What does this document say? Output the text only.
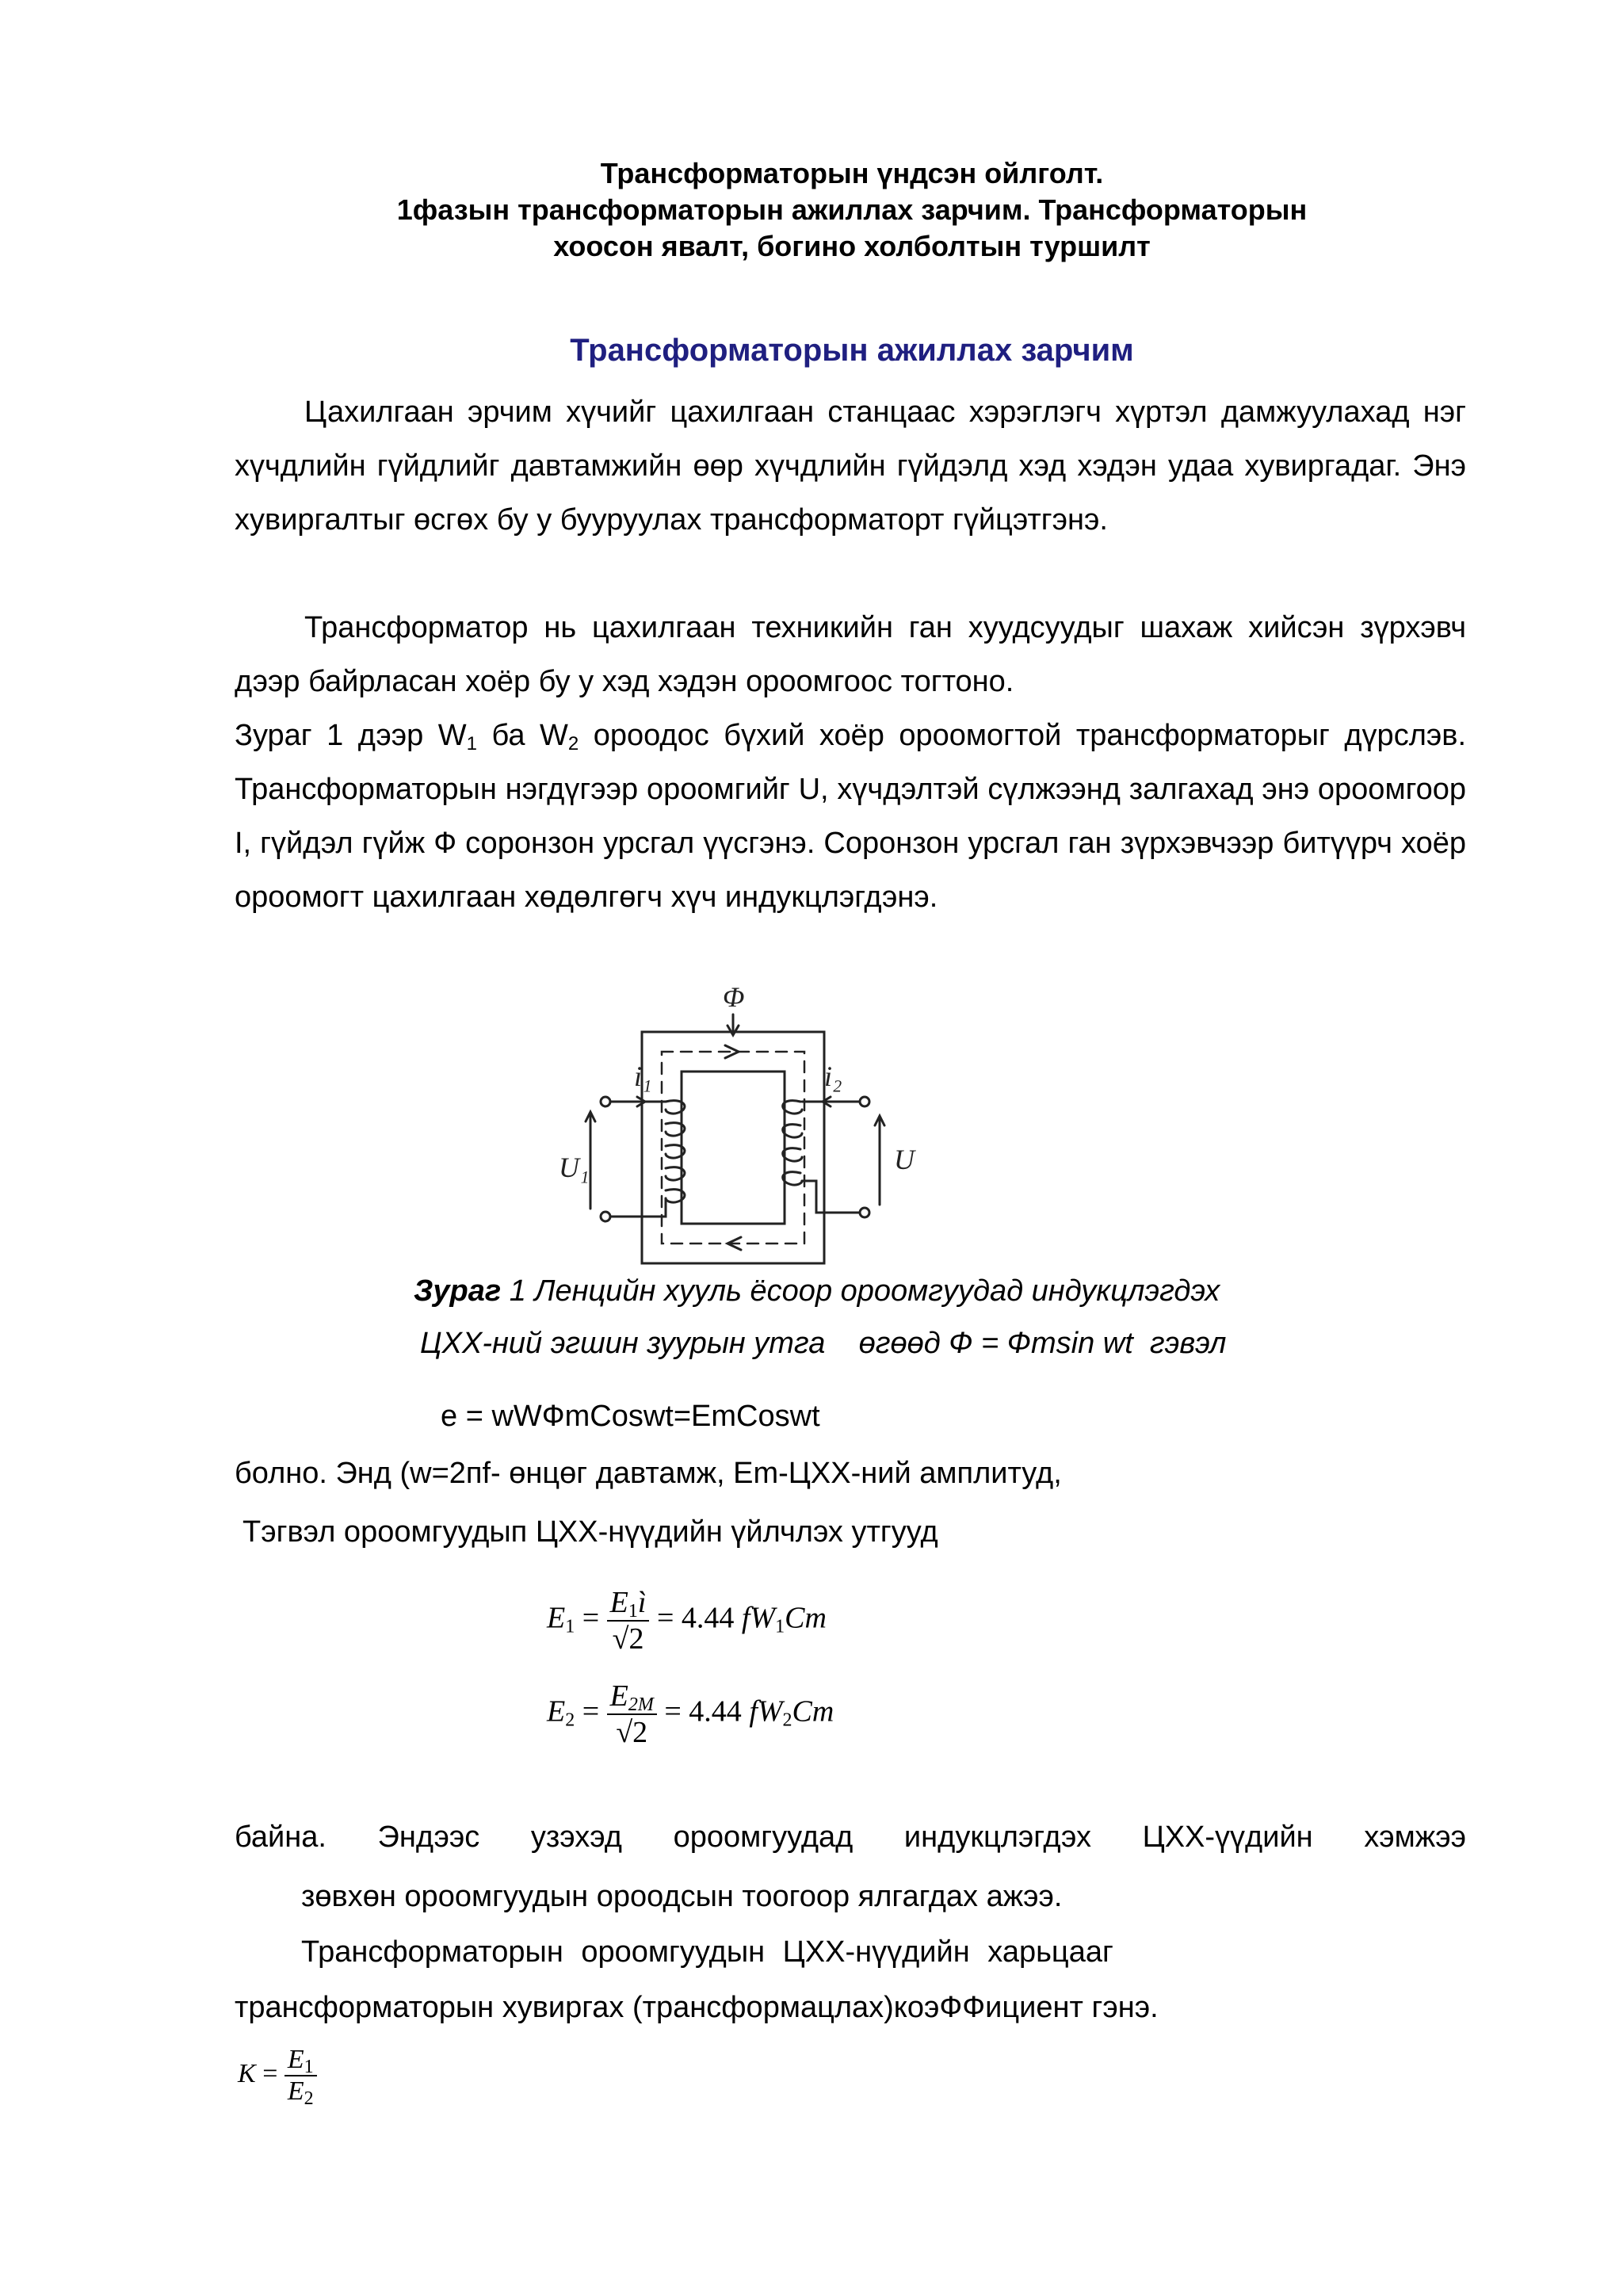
Трансформаторын үндсэн ойлголт.
1фазын трансформаторын ажиллах зарчим. Трансформаторын
хоосон явалт, богино холболтын туршилт
Трансформаторын ажиллах зарчим
Цахилгаан эрчим хүчийг цахилгаан станцаас хэрэглэгч хүртэл дамжуулахад нэг хүчдлийн гүйдлийг давтамжийн өөр хүчдлийн гүйдэлд хэд хэдэн удаа хувиргадаг. Энэ хувиргалтыг өсгөх бу у бууруулах трансформаторт гүйцэтгэнэ.
Трансформатор нь цахилгаан техникийн ган хуудсуудыг шахаж хийсэн зүрхэвч дээр байрласан хоёр бу у хэд хэдэн ороомгоос тогтоно.
Зураг 1 дээр $W_1$ ба $W_2$ ороодос бүхий хоёр ороомогтой трансформаторыг дүрслэв. Трансформаторын нэгдүгээр ороомгийг U, хүчдэлтэй сүлжээнд залгахад энэ ороомгоор I, гүйдэл гүйж Ф соронзон урсгал үүсгэнэ. Соронзон урсгал ган зүрхэвчээр битүүрч хоёр ороомогт цахилгаан хөдөлгөгч хүч индукцлэгдэнэ.
Φ
i₁	i₂
U₁	U
Зураг 1 Ленцийн хууль ёсоор ороомгуудад индукцлэгдэх
ЦХХ-ний эгшин зуурын утга    өгөөд Ф = Фmsin wt  гэвэл
e = wWФmCoswt=EmCoswt
болно. Энд (w=2пf- өнцөг давтамж, Em-ЦХХ-ний амплитуд,
Тэгвэл ороомгуудып ЦХХ-нүүдийн үйлчлэх утгууд
$E_1 = \frac{E_1ì}{√2} = 4.44$ $fW_1Cm$
$E_2 = \frac{E_{2M}}{√2} = 4.44$ $fW_2Cm$
байна. Эндээс узэхэд ороомгуудад индукцлэгдэх ЦХХ-үүдийн хэмжээ
зөвхөн ороомгуудын ороодсын тоогоор ялгагдах ажээ.
Трансформаторын ороомгуудын ЦХХ-нүүдийн харьцааг
трансформаторын хувиргах (трансформацлах)коэФФициент гэнэ.
$K = \frac{E_1}{E_2}$
